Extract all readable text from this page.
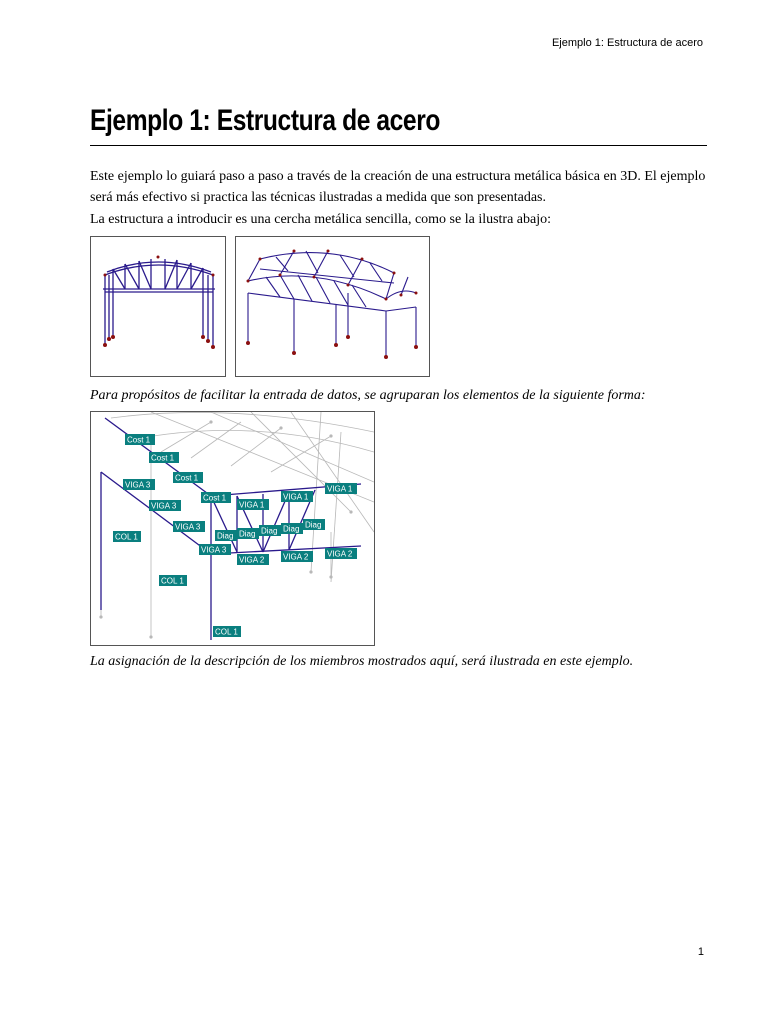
Ejemplo 1: Estructura de acero
Ejemplo 1: Estructura de acero

Este ejemplo lo guiará paso a paso a través de la creación de una estructura metálica básica en 3D. El ejemplo será más efectivo si practica las técnicas ilustradas a medida que son presentadas.

La estructura a introducir es una cercha metálica sencilla, como se la ilustra abajo:

Para propósitos de facilitar la entrada de datos, se agruparan los elementos de la siguiente forma:

Cost 1
Cost 1
Cost 1
Cost 1
VIGA 3
VIGA 3
VIGA 3
VIGA 3
VIGA 1
VIGA 1
VIGA 1
VIGA 2 VIGA 2 VIGA 2
Diag Diag Diag Diag Diag
COL 1
COL 1
COL 1

La asignación de la descripción de los miembros mostrados aquí, será ilustrada en este ejemplo.

1
